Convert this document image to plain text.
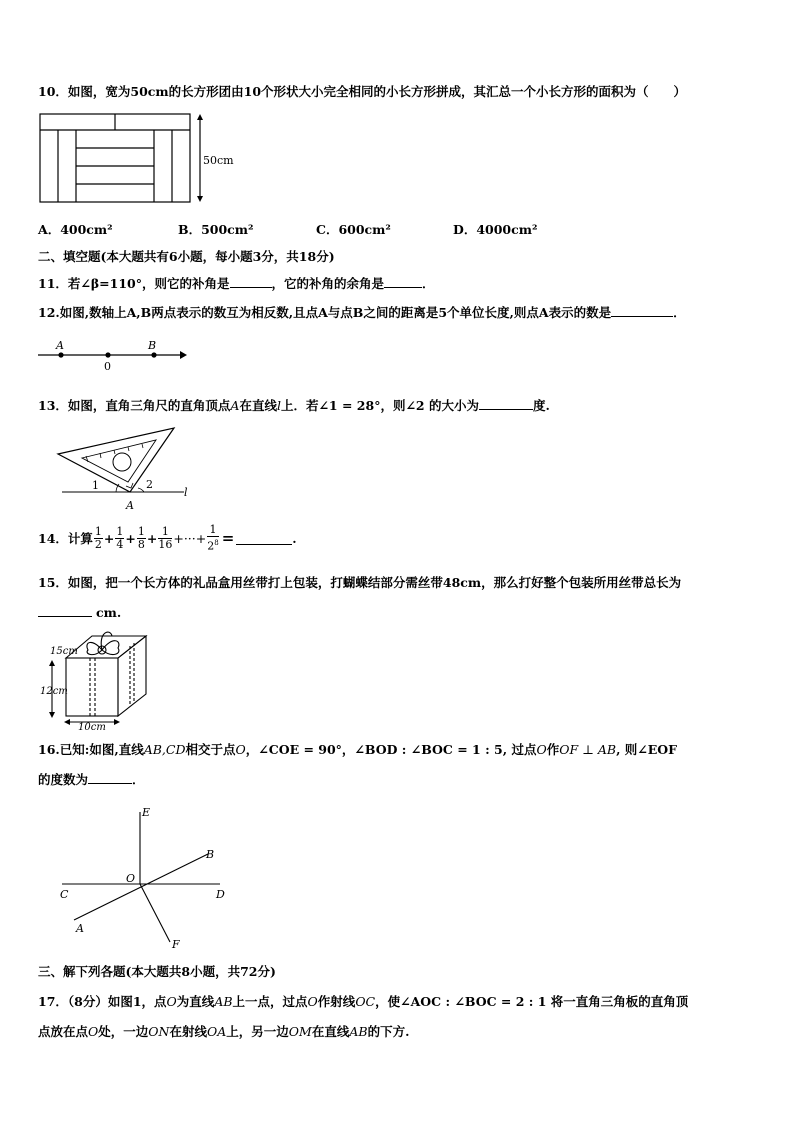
10．如图，宽为50cm的长方形团由10个形状大小完全相同的小长方形拼成，其汇总一个小长方形的面积为（　　）
50cm
A．400cm²	B．500cm²	C．600cm²	D．4000cm²
二、填空题(本大题共有6小题，每小题3分，共18分)
11．若∠β=110°，则它的补角是	，它的补角的余角是	．
12.如图,数轴上A,B两点表示的数互为相反数,且点A与点B之间的距离是5个单位长度,则点A表示的数是	．
A	B
0
13．如图，直角三角尺的直角顶点A在直线l上．若∠1 = 28°，则∠2 的大小为	度.
1	2
A
l
14．计算 $\frac{1}{2} + \frac{1}{4} + \frac{1}{8} + \frac{1}{16}$ +···+ $\frac{1}{2^8}$ =	.
15．如图，把一个长方体的礼品盒用丝带打上包装，打蝴蝶结部分需丝带48cm，那么打好整个包装所用丝带总长为
cm.
15cm
12cm
10cm
16.已知:如图,直线AB,CD相交于点O，∠COE = 90°，∠BOD : ∠BOC = 1 : 5, 过点O作OF ⊥ AB, 则∠EOF
的度数为	．
E
B
O
C	D
A
F
三、解下列各题(本大题共8小题，共72分)
17．（8分）如图1，点O为直线AB上一点，过点O作射线OC，使∠AOC : ∠BOC = 2 : 1 将一直角三角板的直角顶
点放在点O处，一边ON在射线OA上，另一边OM在直线AB的下方.
